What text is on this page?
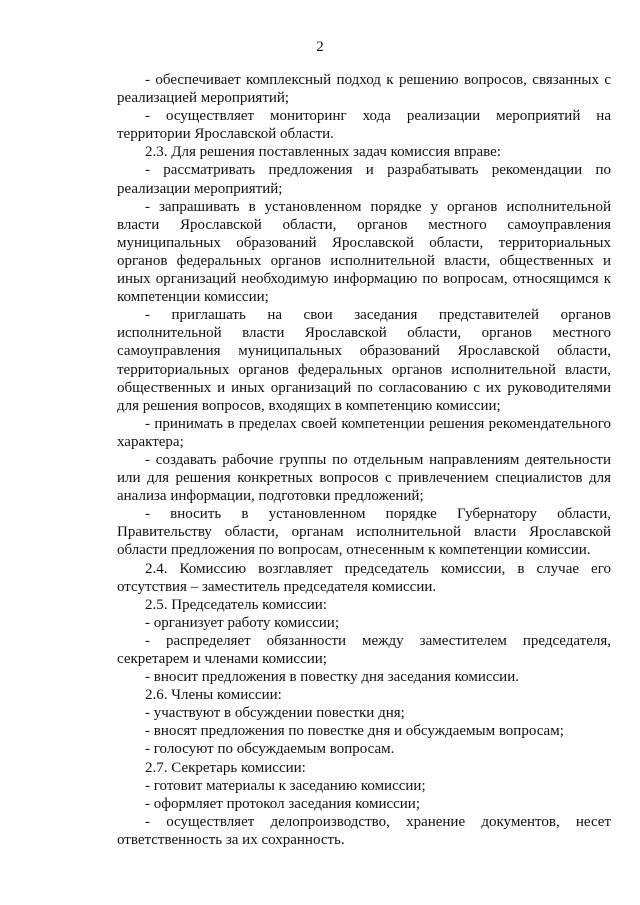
2

- обеспечивает комплексный подход к решению вопросов, связанных с реализацией мероприятий;

- осуществляет мониторинг хода реализации мероприятий на территории Ярославской области.

2.3. Для решения поставленных задач комиссия вправе:

- рассматривать предложения и разрабатывать рекомендации по реализации мероприятий;

- запрашивать в установленном порядке у органов исполнительной власти Ярославской области, органов местного самоуправления муниципальных образований Ярославской области, территориальных органов федеральных органов исполнительной власти, общественных и иных организаций необходимую информацию по вопросам, относящимся к компетенции комиссии;

- приглашать на свои заседания представителей органов исполнительной власти Ярославской области, органов местного самоуправления муниципальных образований Ярославской области, территориальных органов федеральных органов исполнительной власти, общественных и иных организаций по согласованию с их руководителями для решения вопросов, входящих в компетенцию комиссии;

- принимать в пределах своей компетенции решения рекомендательного характера;

- создавать рабочие группы по отдельным направлениям деятельности или для решения конкретных вопросов с привлечением специалистов для анализа информации, подготовки предложений;

- вносить в установленном порядке Губернатору области, Правительству области, органам исполнительной власти Ярославской области предложения по вопросам, отнесенным к компетенции комиссии.

2.4. Комиссию возглавляет председатель комиссии, в случае его отсутствия – заместитель председателя комиссии.

2.5. Председатель комиссии:

- организует работу комиссии;

- распределяет обязанности между заместителем председателя, секретарем и членами комиссии;

- вносит предложения в повестку дня заседания комиссии.

2.6. Члены комиссии:

- участвуют в обсуждении повестки дня;

- вносят предложения по повестке дня и обсуждаемым вопросам;

- голосуют по обсуждаемым вопросам.

2.7. Секретарь комиссии:

- готовит материалы к заседанию комиссии;

- оформляет протокол заседания комиссии;

- осуществляет делопроизводство, хранение документов, несет ответственность за их сохранность.
